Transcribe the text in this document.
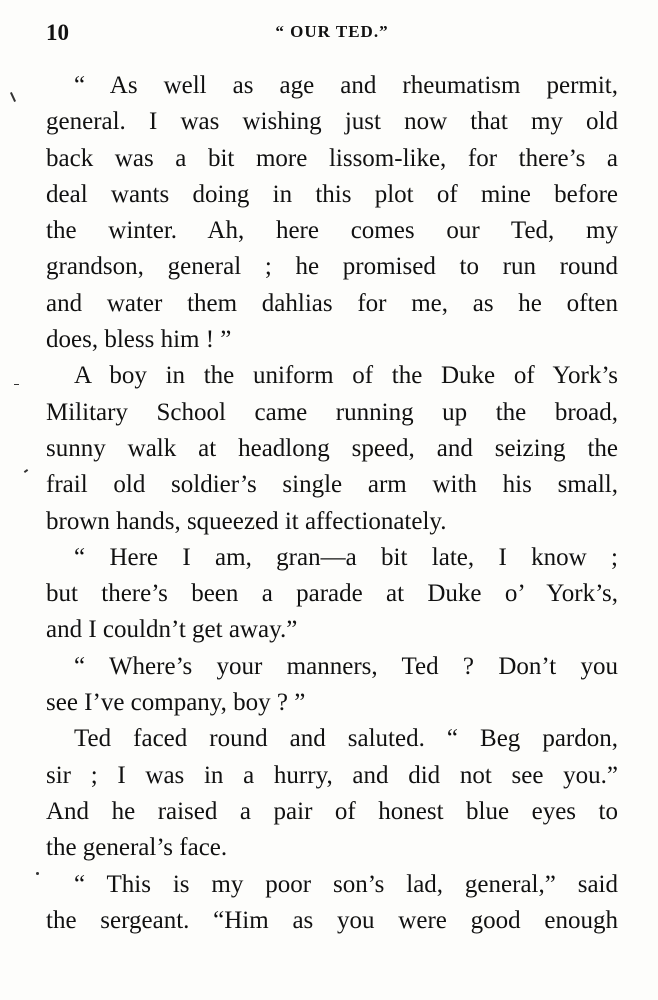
10	“ OUR TED.”
“ As well as age and rheumatism permit,
general. I was wishing just now that my old
back was a bit more lissom-like, for there’s a
deal wants doing in this plot of mine before
the winter. Ah, here comes our Ted, my
grandson, general ; he promised to run round
and water them dahlias for me, as he often
does, bless him ! ”
A boy in the uniform of the Duke of York’s
Military School came running up the broad,
sunny walk at headlong speed, and seizing the
frail old soldier’s single arm with his small,
brown hands, squeezed it affectionately.
“ Here I am, gran—a bit late, I know ;
but there’s been a parade at Duke o’ York’s,
and I couldn’t get away.”
“ Where’s your manners, Ted ? Don’t you
see I’ve company, boy ? ”
Ted faced round and saluted. “ Beg pardon,
sir ; I was in a hurry, and did not see you.”
And he raised a pair of honest blue eyes to
the general’s face.
“ This is my poor son’s lad, general,” said
the sergeant. “Him as you were good enough
